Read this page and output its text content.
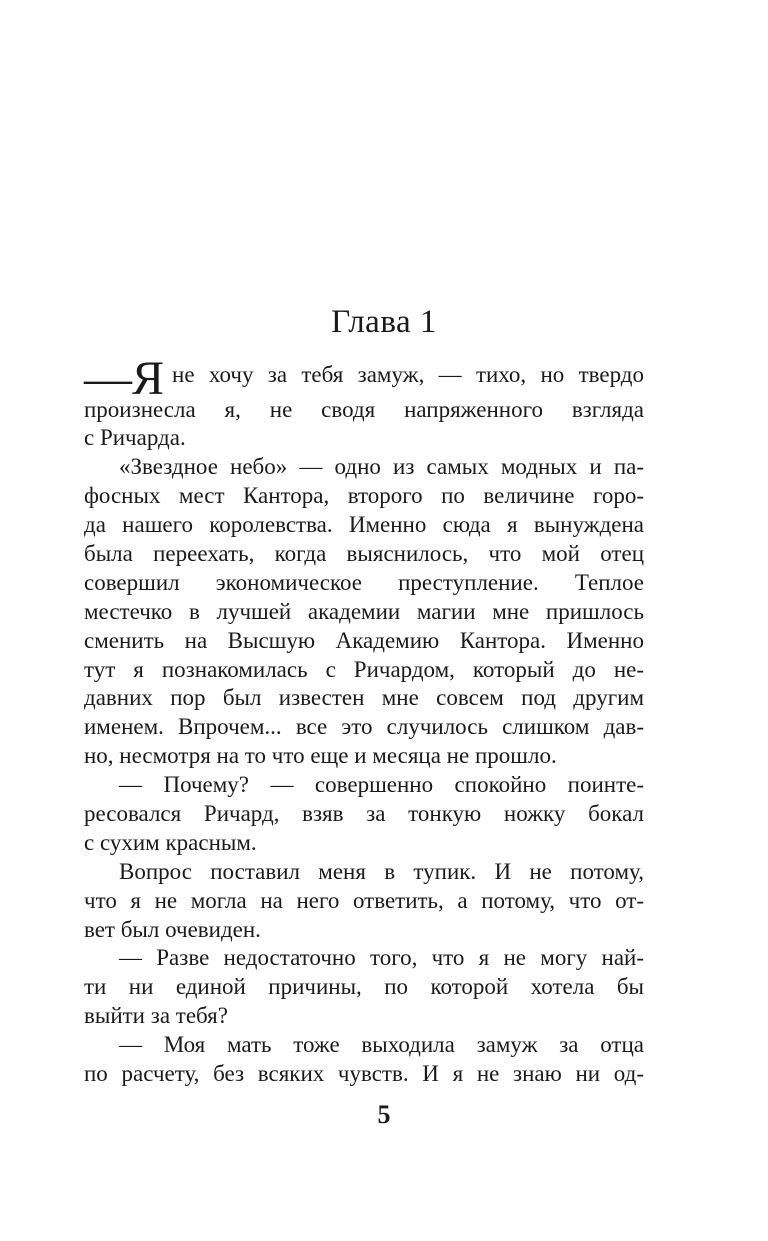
Глава 1
—Я не хочу за тебя замуж, — тихо, но твердо
произнесла я, не сводя напряженного взгляда
с Ричарда.
«Звездное небо» — одно из самых модных и па-
фосных мест Кантора, второго по величине горо-
да нашего королевства. Именно сюда я вынуждена
была переехать, когда выяснилось, что мой отец
совершил экономическое преступление. Теплое
местечко в лучшей академии магии мне пришлось
сменить на Высшую Академию Кантора. Именно
тут я познакомилась с Ричардом, который до не-
давних пор был известен мне совсем под другим
именем. Впрочем... все это случилось слишком дав-
но, несмотря на то что еще и месяца не прошло.
— Почему? — совершенно спокойно поинте-
ресовался Ричард, взяв за тонкую ножку бокал
с сухим красным.
Вопрос поставил меня в тупик. И не потому,
что я не могла на него ответить, а потому, что от-
вет был очевиден.
— Разве недостаточно того, что я не могу най-
ти ни единой причины, по которой хотела бы
выйти за тебя?
— Моя мать тоже выходила замуж за отца
по расчету, без всяких чувств. И я не знаю ни од-
5
